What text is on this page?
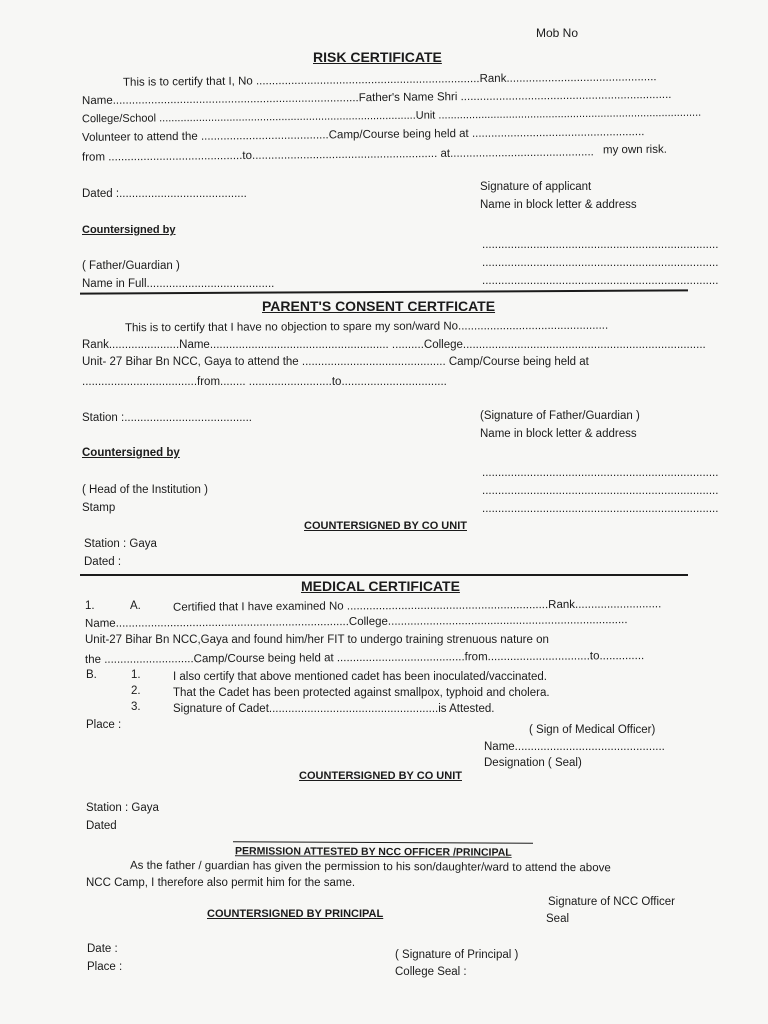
Mob No
RISK CERTIFICATE
This is to certify that I, No ......................................................................Rank...............................................
Name.............................................................................Father's Name Shri ..................................................................
College/School ....................................................................................Unit ......................................................................................
Volunteer to attend the ........................................Camp/Course being held at ......................................................
from ..........................................to.......................................................... at............................................. my own risk.
Dated :........................................
Signature of applicant
Name in block letter & address
Countersigned by
..........................................................................
( Father/Guardian )	..........................................................................
Name in Full........................................	..........................................................................
PARENT'S CONSENT CERTFICATE
This is to certify that I have no objection to spare my son/ward No...............................................
Rank......................Name........................................................ ..........College............................................................................
Unit- 27 Bihar Bn NCC, Gaya to attend the ............................................. Camp/Course being held at
....................................from........ ..........................to.................................
Station :........................................	(Signature of Father/Guardian )
Name in block letter & address
Countersigned by
..........................................................................
( Head of the Institution )	..........................................................................
Stamp	..........................................................................
COUNTERSIGNED BY CO UNIT
Station : Gaya
Dated :
MEDICAL CERTIFICATE
1.	A.	Certified that I have examined No ...............................................................Rank...........................
Name.........................................................................College...........................................................................
Unit-27 Bihar Bn NCC,Gaya and found him/her FIT to undergo training strenuous nature on
the ............................Camp/Course being held at ........................................from................................to..............
B.	1.	I also certify that above mentioned cadet has been inoculated/vaccinated.
2.	That the Cadet has been protected against smallpox, typhoid and cholera.
3.	Signature of Cadet.....................................................is Attested.
Place :	( Sign of Medical Officer)
Name...............................................
Designation ( Seal)
COUNTERSIGNED BY CO UNIT
Station : Gaya
Dated
PERMISSION ATTESTED BY NCC OFFICER /PRINCIPAL
As the father / guardian has given the permission to his son/daughter/ward to attend the above
NCC Camp, I therefore also permit him for the same.
Signature of NCC Officer
Seal
COUNTERSIGNED BY PRINCIPAL
Date :	( Signature of Principal )
Place :	College Seal :
